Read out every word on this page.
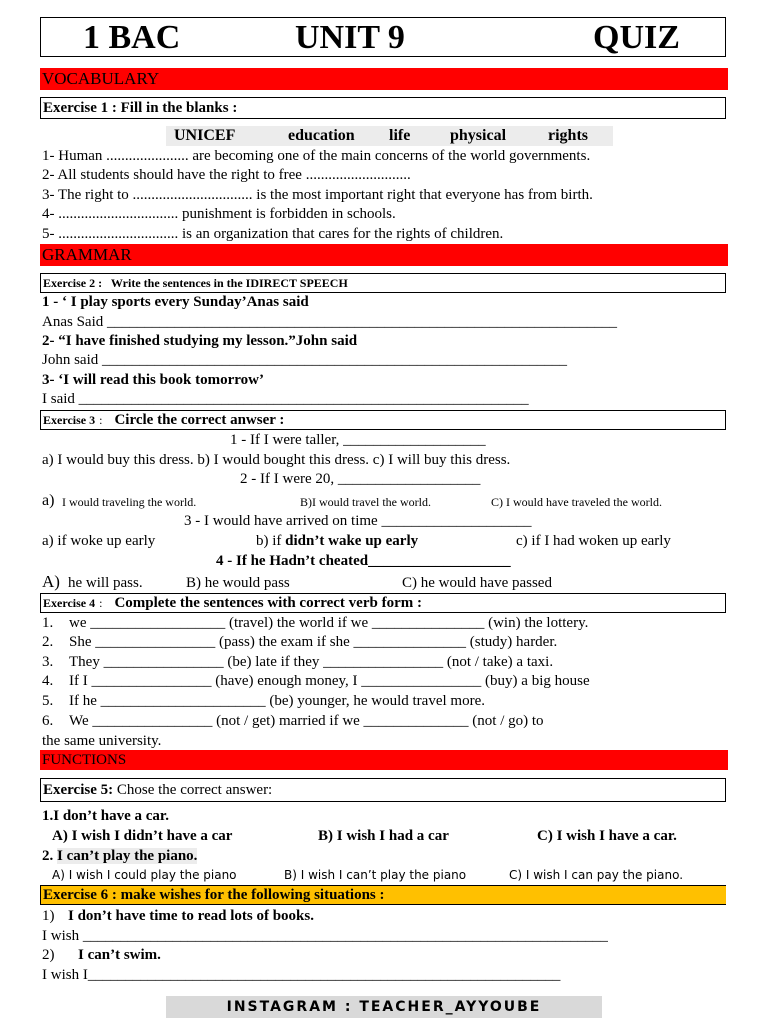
1 BAC	UNIT 9	QUIZ
VOCABULARY
Exercise 1 : Fill in the blanks :
UNICEF	education life physical	rights
1- Human ...................... are becoming one of the main concerns of the world governments.
2- All students should have the right to free ............................
3- The right to ................................ is the most important right that everyone has from birth.
4- ................................ punishment is forbidden in schools.
5- ................................ is an organization that cares for the rights of children.
GRAMMAR
Exercise 2 : Write the sentences in the IDIRECT SPEECH
1 - ‘ I play sports every Sunday’Anas said
Anas Said ____________________________________________________________________
2- “I have finished studying my lesson.”John said
John said ______________________________________________________________
3- ‘I will read this book tomorrow’
I said ____________________________________________________________
Exercise 3 : Circle the correct anwser :
1 - If I were taller, ___________________
a) I would buy this dress. b) I would bought this dress. c) I will buy this dress.
2 - If I were 20, ___________________
a) I would traveling the world.	B)I would travel the world.	C) I would have traveled the world.
3 - I would have arrived on time ____________________
a) if woke up early	b) if didn’t wake up early	c) if I had woken up early
4 - If he Hadn’t cheated___________________
A) he will pass.	B) he would pass	C) he would have passed
Exercise 4 : Complete the sentences with correct verb form :
1. we __________________ (travel) the world if we _______________ (win) the lottery.
2. She ________________ (pass) the exam if she _______________ (study) harder.
3. They ________________ (be) late if they ________________ (not / take) a taxi.
4. If I ________________ (have) enough money, I ________________ (buy) a big house
5. If he ______________________ (be) younger, he would travel more.
6. We ________________ (not / get) married if we ______________ (not / go) to
the same university.
FUNCTIONS
Exercise 5: Chose the correct answer:
1.I don’t have a car.
A) I wish I didn’t have a car	B) I wish I had a car	C) I wish I have a car.
2. I can’t play the piano.
A) I wish I could play the piano	B) I wish I can’t play the piano	C) I wish I can pay the piano.
Exercise 6 : make wishes for the following situations :
1) I don’t have time to read lots of books.
I wish ______________________________________________________________________
2) I can’t swim.
I wish I_______________________________________________________________
INSTAGRAM : TEACHER_AYYOUBE
